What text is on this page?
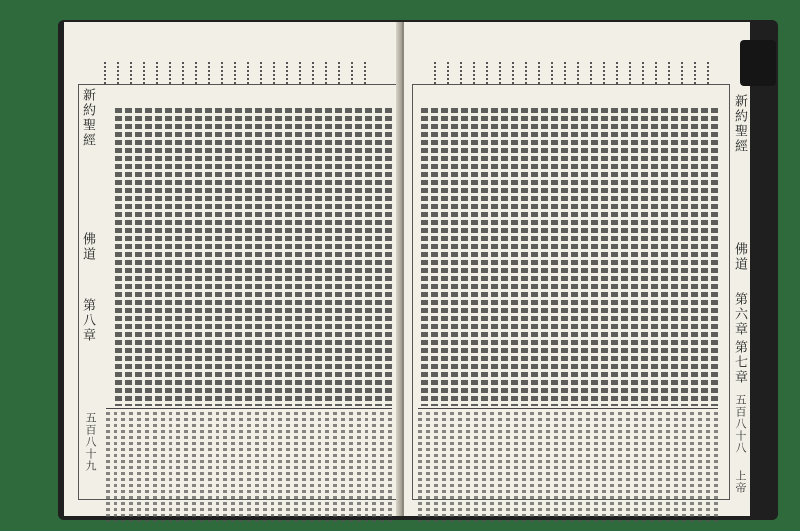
新約聖經
佛道
第八章
五百八十九
新約聖經
佛道
第六章
第七章
五百八十八
上帝
